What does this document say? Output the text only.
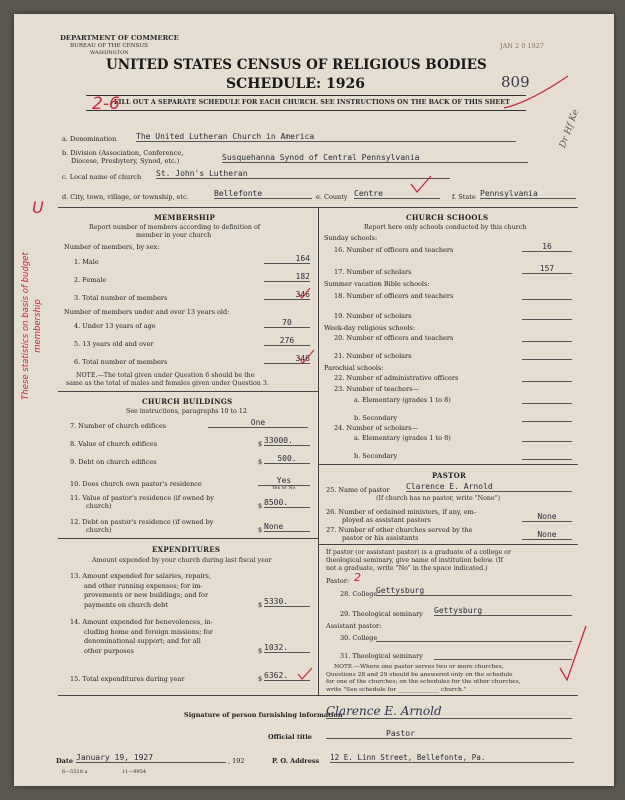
DEPARTMENT OF COMMERCE
BUREAU OF THE CENSUS
WASHINGTON
JAN 2 0 1927
UNITED STATES CENSUS OF RELIGIOUS BODIES
SCHEDULE: 1926	809
FILL OUT A SEPARATE SCHEDULE FOR EACH CHURCH. SEE INSTRUCTIONS ON THE BACK OF THIS SHEET
2-6
a. Denomination The United Lutheran Church in America
b. Division (Association, Conference,
Diocese, Presbytery, Synod, etc.)	Susquehanna Synod of Central Pennsylvania
c. Local name of church St. John's Lutheran
d. City, town, village, or township, etc.	Bellefonte	e. County Centre	f. State Pennsylvania
MEMBERSHIP
Report number of members according to definition of
member in your church
Number of members, by sex:
1. Male	164
2. Female	182
3. Total number of members	346
Number of members under and over 13 years old:
4. Under 13 years of age	70
5. 13 years old and over	276
6. Total number of members	346
NOTE.—The total given under Question 6 should be the
same as the total of males and females given under Question 3.
CHURCH BUILDINGS
See instructions, paragraphs 10 to 12
7. Number of church edifices	One
8. Value of church edifices	$ 33000.
9. Debt on church edifices	$	500.
10. Does church own pastor's residence	Yes
Yes or No
11. Value of pastor's residence (if owned by
church)	$ 8500.
12. Debt on pastor's residence (if owned by
church)	$ None
EXPENDITURES
Amount expended by your church during last fiscal year
13. Amount expended for salaries, repairs,
and other running expenses; for im-
provements or new buildings; and for
payments on church debt	$ 5330.
14. Amount expended for benevolences, in-
cluding home and foreign missions; for
denominational support; and for all
other purposes	$ 1032.
15. Total expenditures during year	$ 6362.
CHURCH SCHOOLS
Report here only schools conducted by this church
Sunday schools:
16. Number of officers and teachers	16
17. Number of scholars	157
Summer vacation Bible schools:
18. Number of officers and teachers
19. Number of scholars
Week-day religious schools:
20. Number of officers and teachers
21. Number of scholars
Parochial schools:
22. Number of administrative officers
23. Number of teachers—
a. Elementary (grades 1 to 8)
b. Secondary
24. Number of scholars—
a. Elementary (grades 1 to 8)
b. Secondary
PASTOR
25. Name of pastor Clarence E. Arnold
(If church has no pastor, write "None")
26. Number of ordained ministers, if any, em-
ployed as assistant pastors	None
27. Number of other churches served by the
pastor or his assistants	None
If pastor (or assistant pastor) is a graduate of a college or
theological seminary, give name of institution below. (If
not a graduate, write "No" in the space indicated.)
Pastor: 2
28. College
Gettysburg
29. Theological seminary Gettysburg
Assistant pastor:
30. College
31. Theological seminary
NOTE.—Where one pastor serves two or more churches,
Questions 28 and 29 should be answered only on the schedule
for one of the churches; on the schedules for the other churches,
write "See schedule for ______________ church."
Signature of person furnishing information
Clarence E. Arnold
Official title	Pastor
Date January 19, 1927	, 192	P. O. Address 12 E. Linn Street, Bellefonte, Pa.
6—5518 a	11—9954
U
These statistics on basis of budget membership
Dr Hf Ke
